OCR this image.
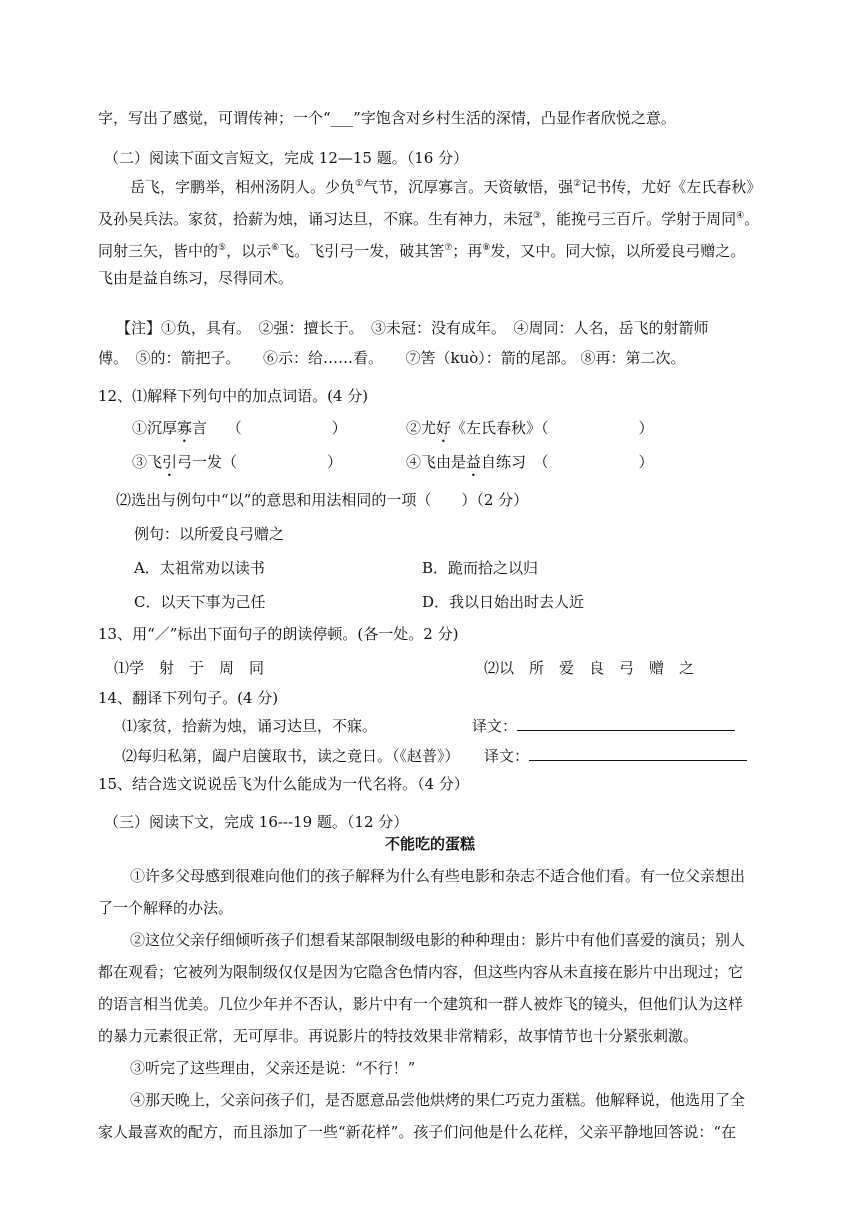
字，写出了感觉，可谓传神；一个“___”字饱含对乡村生活的深情，凸显作者欣悦之意。
（二）阅读下面文言短文，完成 12—15 题。（16 分）
岳飞，字鹏举，相州汤阴人。少负①气节，沉厚寡言。天资敏悟，强②记书传，尤好《左氏春秋》
及孙吴兵法。家贫，拾薪为烛，诵习达旦，不寐。生有神力，未冠③，能挽弓三百斤。学射于周同④。
同射三矢，皆中的⑤，以示⑥飞。飞引弓一发，破其筈⑦；再⑧发，又中。同大惊，以所爱良弓赠之。
飞由是益自练习，尽得同术。
【注】①负，具有。　②强：擅长于。　③未冠：没有成年。　④周同：人名，岳飞的射箭师
傅。　⑤的：箭把子。　　⑥示：给……看。　　⑦筈（kuò）：箭的尾部。 ⑧再：第二次。
12、⑴解释下列句中的加点词语。(4 分)
①沉厚寡言　 （　　　　　　）	②尤好《左氏春秋》（　　　　　　）
③飞引弓一发（　　　　　　）	④飞由是益自练习　（　　　　　　）
⑵选出与例句中“以”的意思和用法相同的一项（　　）（2 分）
例句：以所爱良弓赠之
A．太祖常劝以读书	B．跪而拾之以归
C．以天下事为己任	D．我以日始出时去人近
13、用“／”标出下面句子的朗读停顿。(各一处。2 分)
⑴学射于周同	⑵以所爱良弓赠之
14、翻译下列句子。(4 分)
⑴家贫，拾薪为烛，诵习达旦，不寐。	译文：
⑵每归私第，阖户启箧取书，读之竟日。（《赵普》） 译文：
15、结合选文说说岳飞为什么能成为一代名将。（4 分）
（三）阅读下文，完成 16---19 题。（12 分）
不能吃的蛋糕
①许多父母感到很难向他们的孩子解释为什么有些电影和杂志不适合他们看。有一位父亲想出
了一个解释的办法。
②这位父亲仔细倾听孩子们想看某部限制级电影的种种理由：影片中有他们喜爱的演员；别人
都在观看；它被列为限制级仅仅是因为它隐含色情内容，但这些内容从未直接在影片中出现过；它
的语言相当优美。几位少年并不否认，影片中有一个建筑和一群人被炸飞的镜头，但他们认为这样
的暴力元素很正常，无可厚非。再说影片的特技效果非常精彩，故事情节也十分紧张刺激。
③听完了这些理由，父亲还是说：“不行！”
④那天晚上，父亲问孩子们，是否愿意品尝他烘烤的果仁巧克力蛋糕。他解释说，他选用了全
家人最喜欢的配方，而且添加了一些“新花样”。孩子们问他是什么花样，父亲平静地回答说：“在
